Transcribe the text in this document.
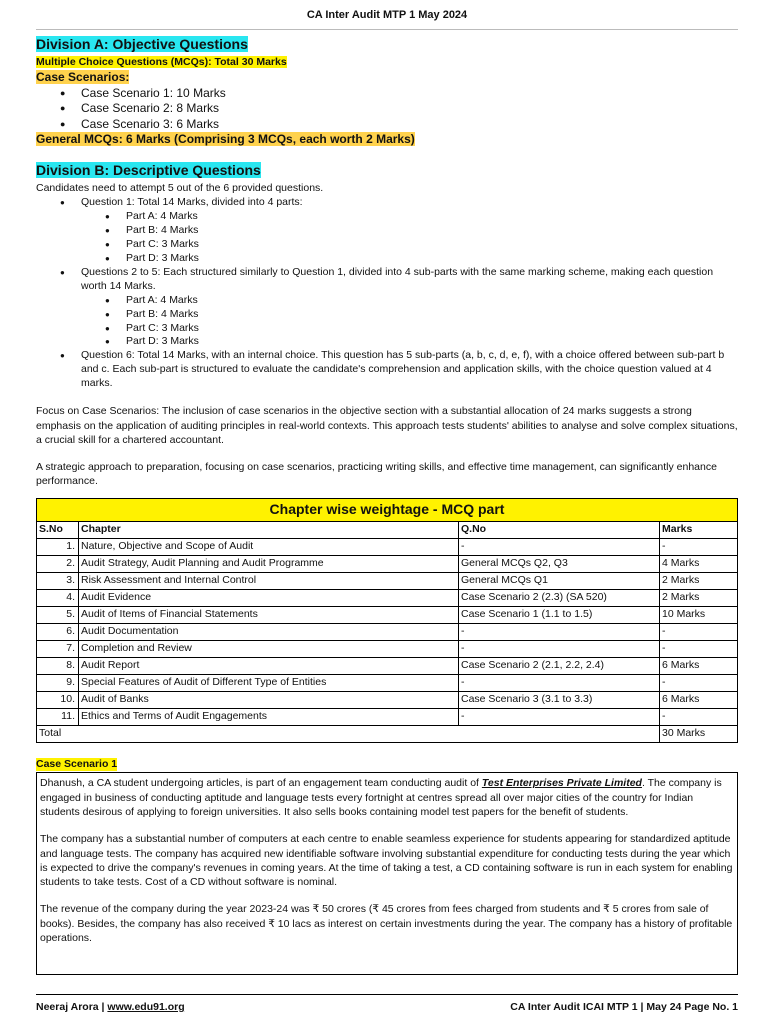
CA Inter Audit MTP 1 May 2024
Division A: Objective Questions
Multiple Choice Questions (MCQs): Total 30 Marks
Case Scenarios:
● Case Scenario 1: 10 Marks
● Case Scenario 2: 8 Marks
● Case Scenario 3: 6 Marks
General MCQs: 6 Marks (Comprising 3 MCQs, each worth 2 Marks)
Division B: Descriptive Questions
Candidates need to attempt 5 out of the 6 provided questions.
● Question 1: Total 14 Marks, divided into 4 parts:
● Part A: 4 Marks
● Part B: 4 Marks
● Part C: 3 Marks
● Part D: 3 Marks
● Questions 2 to 5: Each structured similarly to Question 1, divided into 4 sub-parts with the same marking scheme, making each question worth 14 Marks.
● Part A: 4 Marks
● Part B: 4 Marks
● Part C: 3 Marks
● Part D: 3 Marks
● Question 6: Total 14 Marks, with an internal choice. This question has 5 sub-parts (a, b, c, d, e, f), with a choice offered between sub-part b and c. Each sub-part is structured to evaluate the candidate's comprehension and application skills, with the choice question valued at 4 marks.

Focus on Case Scenarios: The inclusion of case scenarios in the objective section with a substantial allocation of 24 marks suggests a strong emphasis on the application of auditing principles in real-world contexts. This approach tests students' abilities to analyse and solve complex situations, a crucial skill for a chartered accountant.

A strategic approach to preparation, focusing on case scenarios, practicing writing skills, and effective time management, can significantly enhance performance.

Chapter wise weightage - MCQ part			
S.No	Chapter	Q.No	Marks
1.	Nature, Objective and Scope of Audit	-	-
2.	Audit Strategy, Audit Planning and Audit Programme	General MCQs Q2, Q3	4 Marks
3.	Risk Assessment and Internal Control	General MCQs Q1	2 Marks
4.	Audit Evidence	Case Scenario 2 (2.3) (SA 520)	2 Marks
5.	Audit of Items of Financial Statements	Case Scenario 1 (1.1 to 1.5)	10 Marks
6.	Audit Documentation	-	-
7.	Completion and Review	-	-
8.	Audit Report	Case Scenario 2 (2.1, 2.2, 2.4)	6 Marks
9.	Special Features of Audit of Different Type of Entities	-	-
10.	Audit of Banks	Case Scenario 3 (3.1 to 3.3)	6 Marks
11.	Ethics and Terms of Audit Engagements	-	-
Total			30 Marks
Case Scenario 1

Dhanush, a CA student undergoing articles, is part of an engagement team conducting audit of Test Enterprises Private Limited. The company is engaged in business of conducting aptitude and language tests every fortnight at centres spread all over major cities of the country for Indian students desirous of applying to foreign universities. It also sells books containing model test papers for the benefit of students.

The company has a substantial number of computers at each centre to enable seamless experience for students appearing for standardized aptitude and language tests. The company has acquired new identifiable software involving substantial expenditure for conducting tests during the year which is expected to drive the company's revenues in coming years. At the time of taking a test, a CD containing software is run in each system for enabling students to take tests. Cost of a CD without software is nominal.

The revenue of the company during the year 2023-24 was ₹ 50 crores (₹ 45 crores from fees charged from students and ₹ 5 crores from sale of books). Besides, the company has also received ₹ 10 lacs as interest on certain investments during the year. The company has a history of profitable operations.

Neeraj Arora | www.edu91.org	CA Inter Audit ICAI MTP 1 | May 24 Page No. 1
